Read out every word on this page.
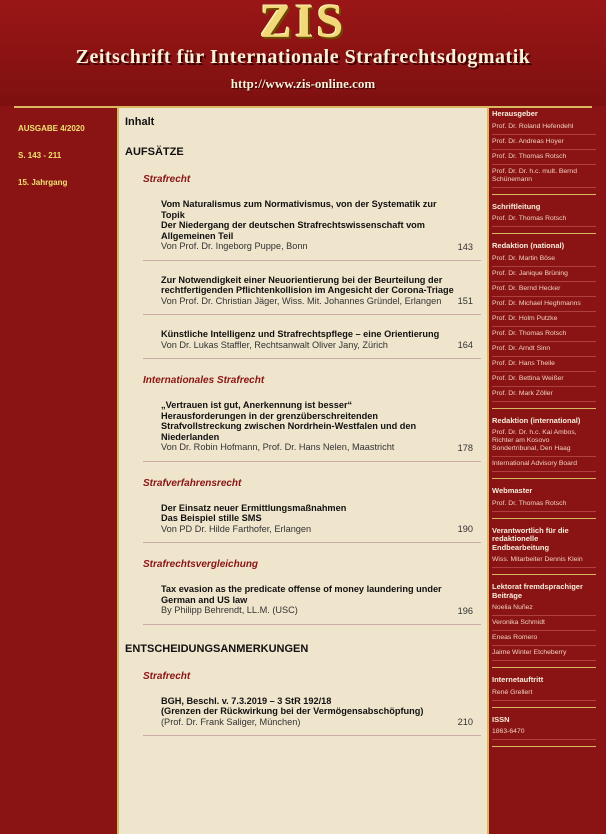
ZIS
Zeitschrift für Internationale Strafrechtsdogmatik
http://www.zis-online.com
AUSGABE 4/2020
S. 143 - 211
15. Jahrgang
Inhalt
AUFSÄTZE
Strafrecht
Vom Naturalismus zum Normativismus, von der Systematik zur Topik
Der Niedergang der deutschen Strafrechtswissenschaft vom Allgemeinen Teil
Von Prof. Dr. Ingeborg Puppe, Bonn	143
Zur Notwendigkeit einer Neuorientierung bei der Beurteilung der rechtfertigenden Pflichtenkollision im Angesicht der Corona-Triage
Von Prof. Dr. Christian Jäger, Wiss. Mit. Johannes Gründel, Erlangen	151
Künstliche Intelligenz und Strafrechtspflege – eine Orientierung
Von Dr. Lukas Staffler, Rechtsanwalt Oliver Jany, Zürich	164
Internationales Strafrecht
„Vertrauen ist gut, Anerkennung ist besser“
Herausforderungen in der grenzüberschreitenden Strafvollstreckung zwischen Nordrhein-Westfalen und den Niederlanden
Von Dr. Robin Hofmann, Prof. Dr. Hans Nelen, Maastricht	178
Strafverfahrensrecht
Der Einsatz neuer Ermittlungsmaßnahmen
Das Beispiel stille SMS
Von PD Dr. Hilde Farthofer, Erlangen	190
Strafrechtsvergleichung
Tax evasion as the predicate offense of money laundering under German and US law
By Philipp Behrendt, LL.M. (USC)	196
ENTSCHEIDUNGSANMERKUNGEN
Strafrecht
BGH, Beschl. v. 7.3.2019 – 3 StR 192/18
(Grenzen der Rückwirkung bei der Vermögensabschöpfung)
(Prof. Dr. Frank Saliger, München)	210
Herausgeber
Prof. Dr. Roland Hefendehl
Prof. Dr. Andreas Hoyer
Prof. Dr. Thomas Rotsch
Prof. Dr. Dr. h.c. mult. Bernd Schünemann
Schriftleitung
Prof. Dr. Thomas Rotsch
Redaktion (national)
Prof. Dr. Martin Böse
Prof. Dr. Janique Brüning
Prof. Dr. Bernd Hecker
Prof. Dr. Michael Heghmanns
Prof. Dr. Holm Putzke
Prof. Dr. Thomas Rotsch
Prof. Dr. Arndt Sinn
Prof. Dr. Hans Theile
Prof. Dr. Bettina Weißer
Prof. Dr. Mark Zöller
Redaktion (international)
Prof. Dr. Dr. h.c. Kai Ambos, Richter am Kosovo Sondertribunal, Den Haag
International Advisory Board
Webmaster
Prof. Dr. Thomas Rotsch
Verantwortlich für die redaktionelle Endbearbeitung
Wiss. Mitarbeiter Dennis Klein
Lektorat fremdsprachiger Beiträge
Noelia Nuñez
Veronika Schmidt
Eneas Romero
Jaime Winter Etcheberry
Internetauftritt
René Grellert
ISSN
1863-6470
